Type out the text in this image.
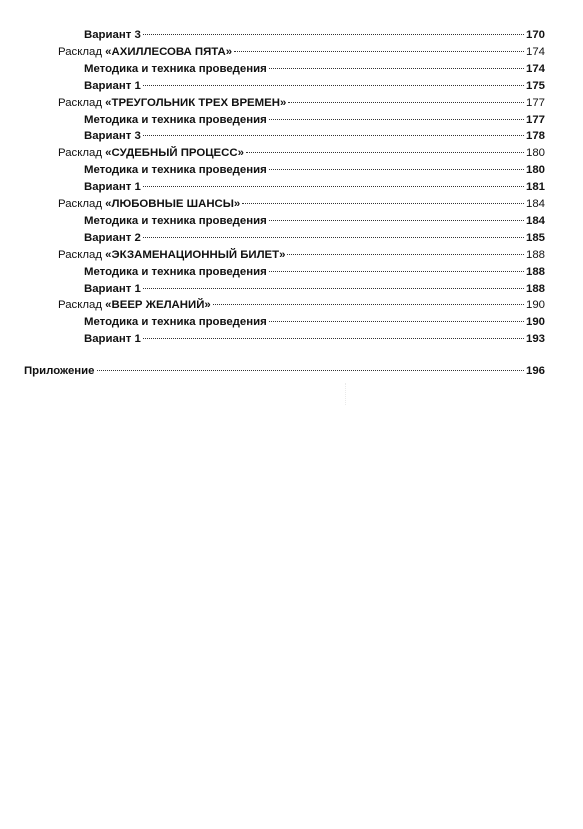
Вариант 3	170
Расклад «АХИЛЛЕСОВА ПЯТА»	174
Методика и техника проведения	174
Вариант 1	175
Расклад «ТРЕУГОЛЬНИК ТРЕХ ВРЕМЕН»	177
Методика и техника проведения	177
Вариант 3	178
Расклад «СУДЕБНЫЙ ПРОЦЕСС»	180
Методика и техника проведения	180
Вариант 1	181
Расклад «ЛЮБОВНЫЕ ШАНСЫ»	184
Методика и техника проведения	184
Вариант 2	185
Расклад «ЭКЗАМЕНАЦИОННЫЙ БИЛЕТ»	188
Методика и техника проведения	188
Вариант 1	188
Расклад «ВЕЕР ЖЕЛАНИЙ»	190
Методика и техника проведения	190
Вариант 1	193
Приложение	196
